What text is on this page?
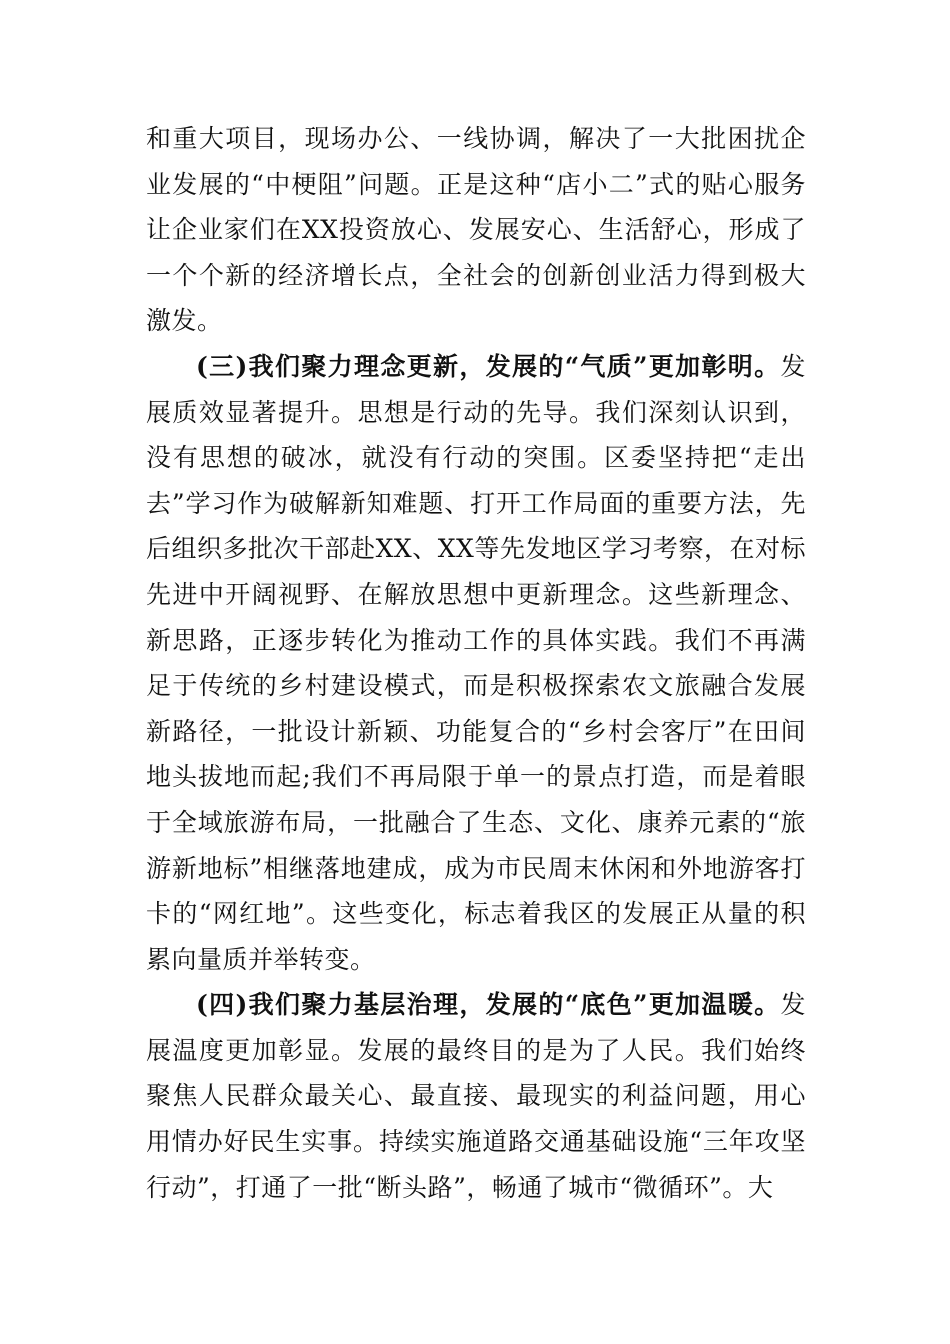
和重大项目，现场办公、一线协调，解决了一大批困扰企业发展的“中梗阻”问题。正是这种“店小二”式的贴心服务让企业家们在XX投资放心、发展安心、生活舒心，形成了一个个新的经济增长点，全社会的创新创业活力得到极大激发。

(三)我们聚力理念更新，发展的“气质”更加彰明。发展质效显著提升。思想是行动的先导。我们深刻认识到，没有思想的破冰，就没有行动的突围。区委坚持把“走出去”学习作为破解新知难题、打开工作局面的重要方法，先后组织多批次干部赴XX、XX等先发地区学习考察，在对标先进中开阔视野、在解放思想中更新理念。这些新理念、新思路，正逐步转化为推动工作的具体实践。我们不再满足于传统的乡村建设模式，而是积极探索农文旅融合发展新路径，一批设计新颖、功能复合的“乡村会客厅”在田间地头拔地而起;我们不再局限于单一的景点打造，而是着眼于全域旅游布局，一批融合了生态、文化、康养元素的“旅游新地标”相继落地建成，成为市民周末休闲和外地游客打卡的“网红地”。这些变化，标志着我区的发展正从量的积累向量质并举转变。

(四)我们聚力基层治理，发展的“底色”更加温暖。发展温度更加彰显。发展的最终目的是为了人民。我们始终聚焦人民群众最关心、最直接、最现实的利益问题，用心用情办好民生实事。持续实施道路交通基础设施“三年攻坚行动”，打通了一批“断头路”，畅通了城市“微循环”。大
